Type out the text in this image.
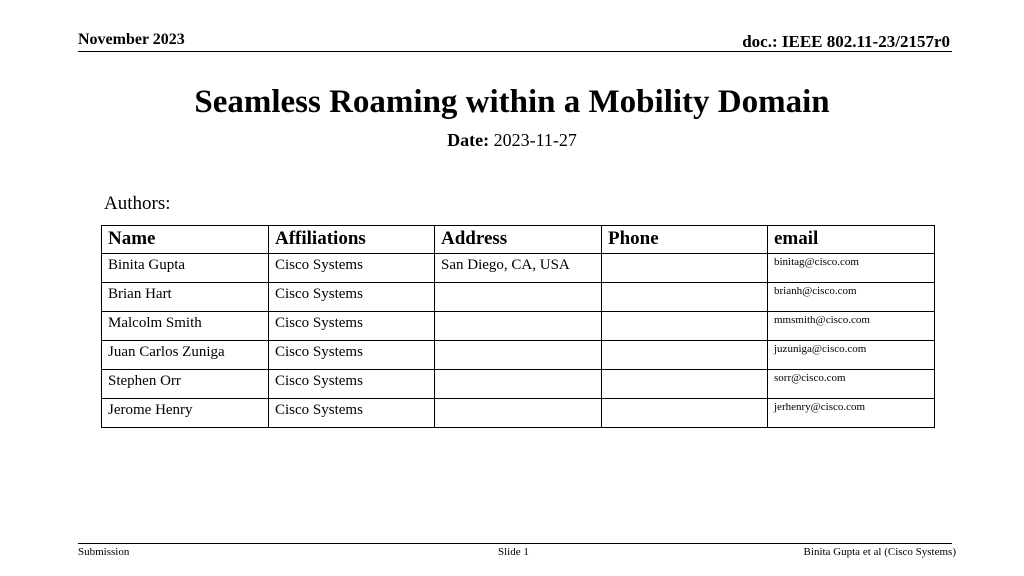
November 2023	doc.: IEEE 802.11-23/2157r0
Seamless Roaming within a Mobility Domain
Date: 2023-11-27
Authors:
Name	Affiliations	Address	Phone	email
Binita Gupta	Cisco Systems	San Diego, CA, USA		binitag@cisco.com
Brian Hart	Cisco Systems			brianh@cisco.com
Malcolm Smith	Cisco Systems			mmsmith@cisco.com
Juan Carlos Zuniga	Cisco Systems			juzuniga@cisco.com
Stephen Orr	Cisco Systems			sorr@cisco.com
Jerome Henry	Cisco Systems			jerhenry@cisco.com
Submission	Slide 1	Binita Gupta et al (Cisco Systems)
